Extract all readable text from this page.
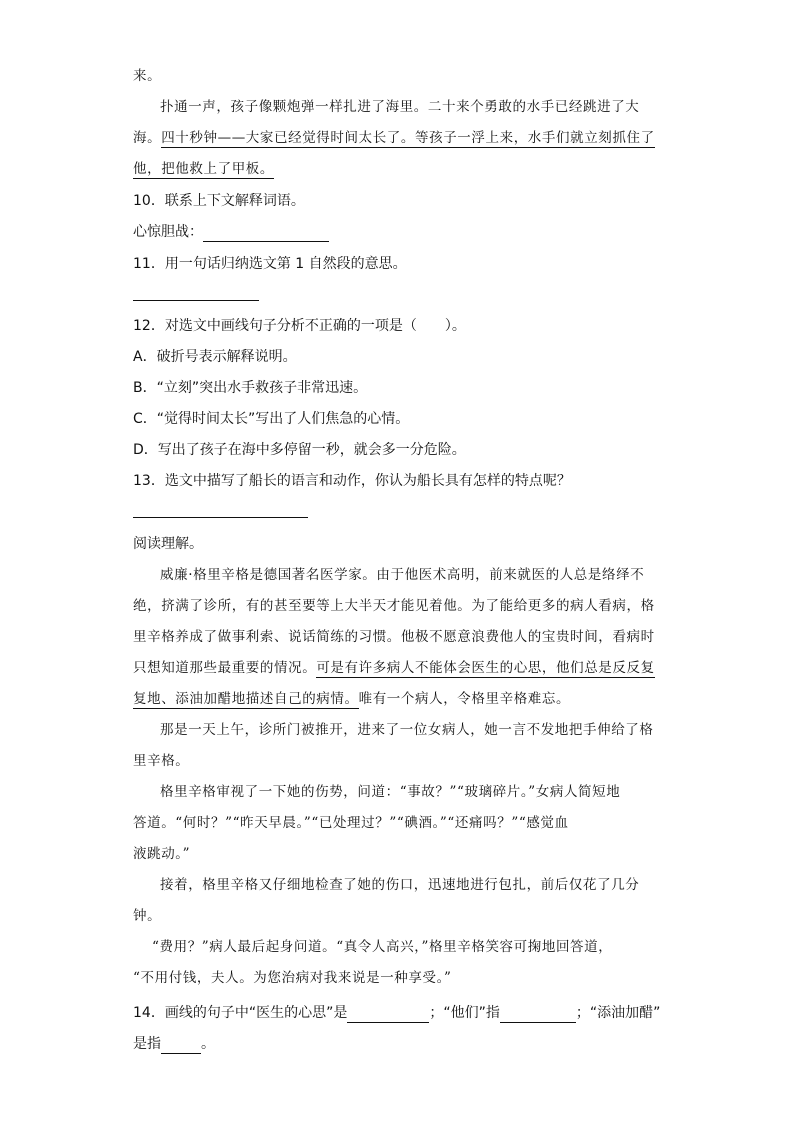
来。
扑通一声，孩子像颗炮弹一样扎进了海里。二十来个勇敢的水手已经跳进了大
海。四十秒钟——大家已经觉得时间太长了。等孩子一浮上来，水手们就立刻抓住了
他，把他救上了甲板。
10．联系上下文解释词语。
心惊胆战：
11．用一句话归纳选文第 1 自然段的意思。
12．对选文中画线句子分析不正确的一项是（　　）。
A．破折号表示解释说明。
B．“立刻”突出水手救孩子非常迅速。
C．“觉得时间太长”写出了人们焦急的心情。
D．写出了孩子在海中多停留一秒，就会多一分危险。
13．选文中描写了船长的语言和动作，你认为船长具有怎样的特点呢？
阅读理解。
威廉·格里辛格是德国著名医学家。由于他医术高明，前来就医的人总是络绎不
绝，挤满了诊所，有的甚至要等上大半天才能见着他。为了能给更多的病人看病，格
里辛格养成了做事利索、说话简练的习惯。他极不愿意浪费他人的宝贵时间，看病时
只想知道那些最重要的情况。可是有许多病人不能体会医生的心思，他们总是反反复
复地、添油加醋地描述自己的病情。唯有一个病人，令格里辛格难忘。
那是一天上午，诊所门被推开，进来了一位女病人，她一言不发地把手伸给了格
里辛格。
格里辛格审视了一下她的伤势，问道：“事故？”“玻璃碎片。”女病人简短地
答道。“何时？”“昨天早晨。”“已处理过？”“碘酒。”“还痛吗？”“感觉血
液跳动。”
接着，格里辛格又仔细地检查了她的伤口，迅速地进行包扎，前后仅花了几分
钟。
“费用？”病人最后起身问道。“真令人高兴，”格里辛格笑容可掬地回答道，
“不用付钱，夫人。为您治病对我来说是一种享受。”
14．画线的句子中“医生的心思”是	；“他们”指	；“添油加醋”
是指	。
